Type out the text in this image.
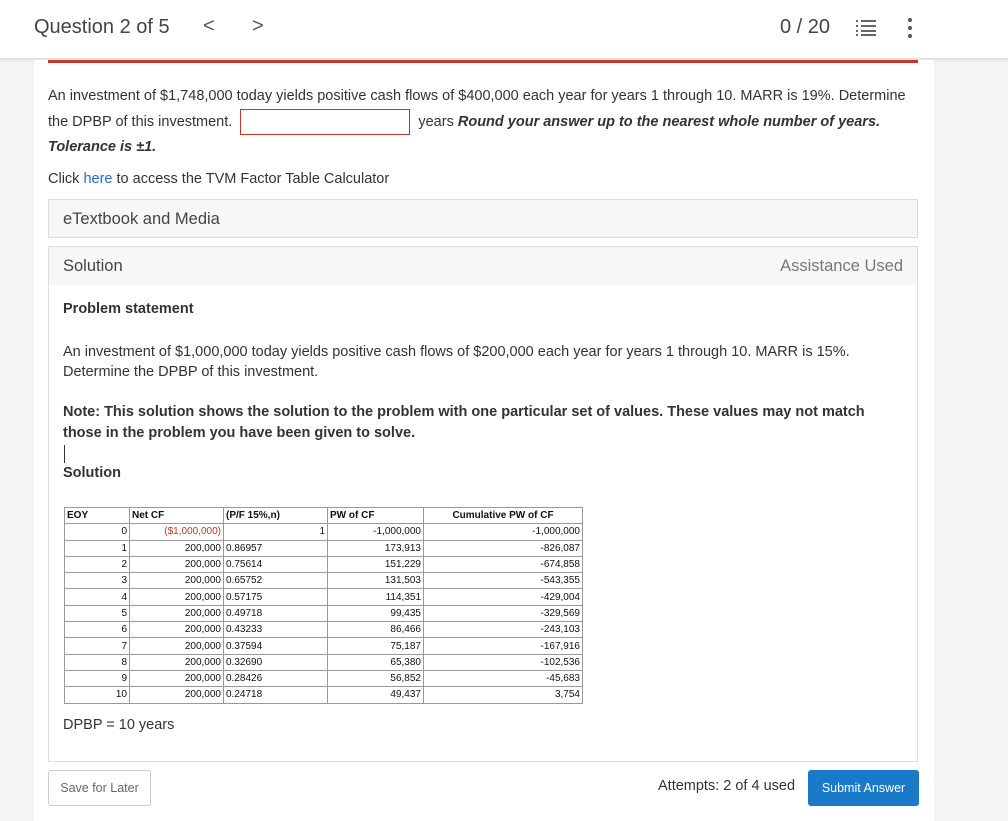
Question 2 of 5 < >	0 / 20
An investment of $1,748,000 today yields positive cash flows of $400,000 each year for years 1 through 10. MARR is 19%. Determine the DPBP of this investment.	years Round your answer up to the nearest whole number of years. Tolerance is ±1.
Click here to access the TVM Factor Table Calculator
eTextbook and Media
Solution	Assistance Used
Problem statement
An investment of $1,000,000 today yields positive cash flows of $200,000 each year for years 1 through 10. MARR is 15%. Determine the DPBP of this investment.
Note: This solution shows the solution to the problem with one particular set of values. These values may not match those in the problem you have been given to solve.
Solution
EOY	Net CF	(P/F 15%,n)	PW of CF	Cumulative PW of CF
0	($1,000,000)	1	-1,000,000	-1,000,000
1	200,000	0.86957	173,913	-826,087
2	200,000	0.75614	151,229	-674,858
3	200,000	0.65752	131,503	-543,355
4	200,000	0.57175	114,351	-429,004
5	200,000	0.49718	99,435	-329,569
6	200,000	0.43233	86,466	-243,103
7	200,000	0.37594	75,187	-167,916
8	200,000	0.32690	65,380	-102,536
9	200,000	0.28426	56,852	-45,683
10	200,000	0.24718	49,437	3,754
DPBP = 10 years
Save for Later	Attempts: 2 of 4 used	Submit Answer
